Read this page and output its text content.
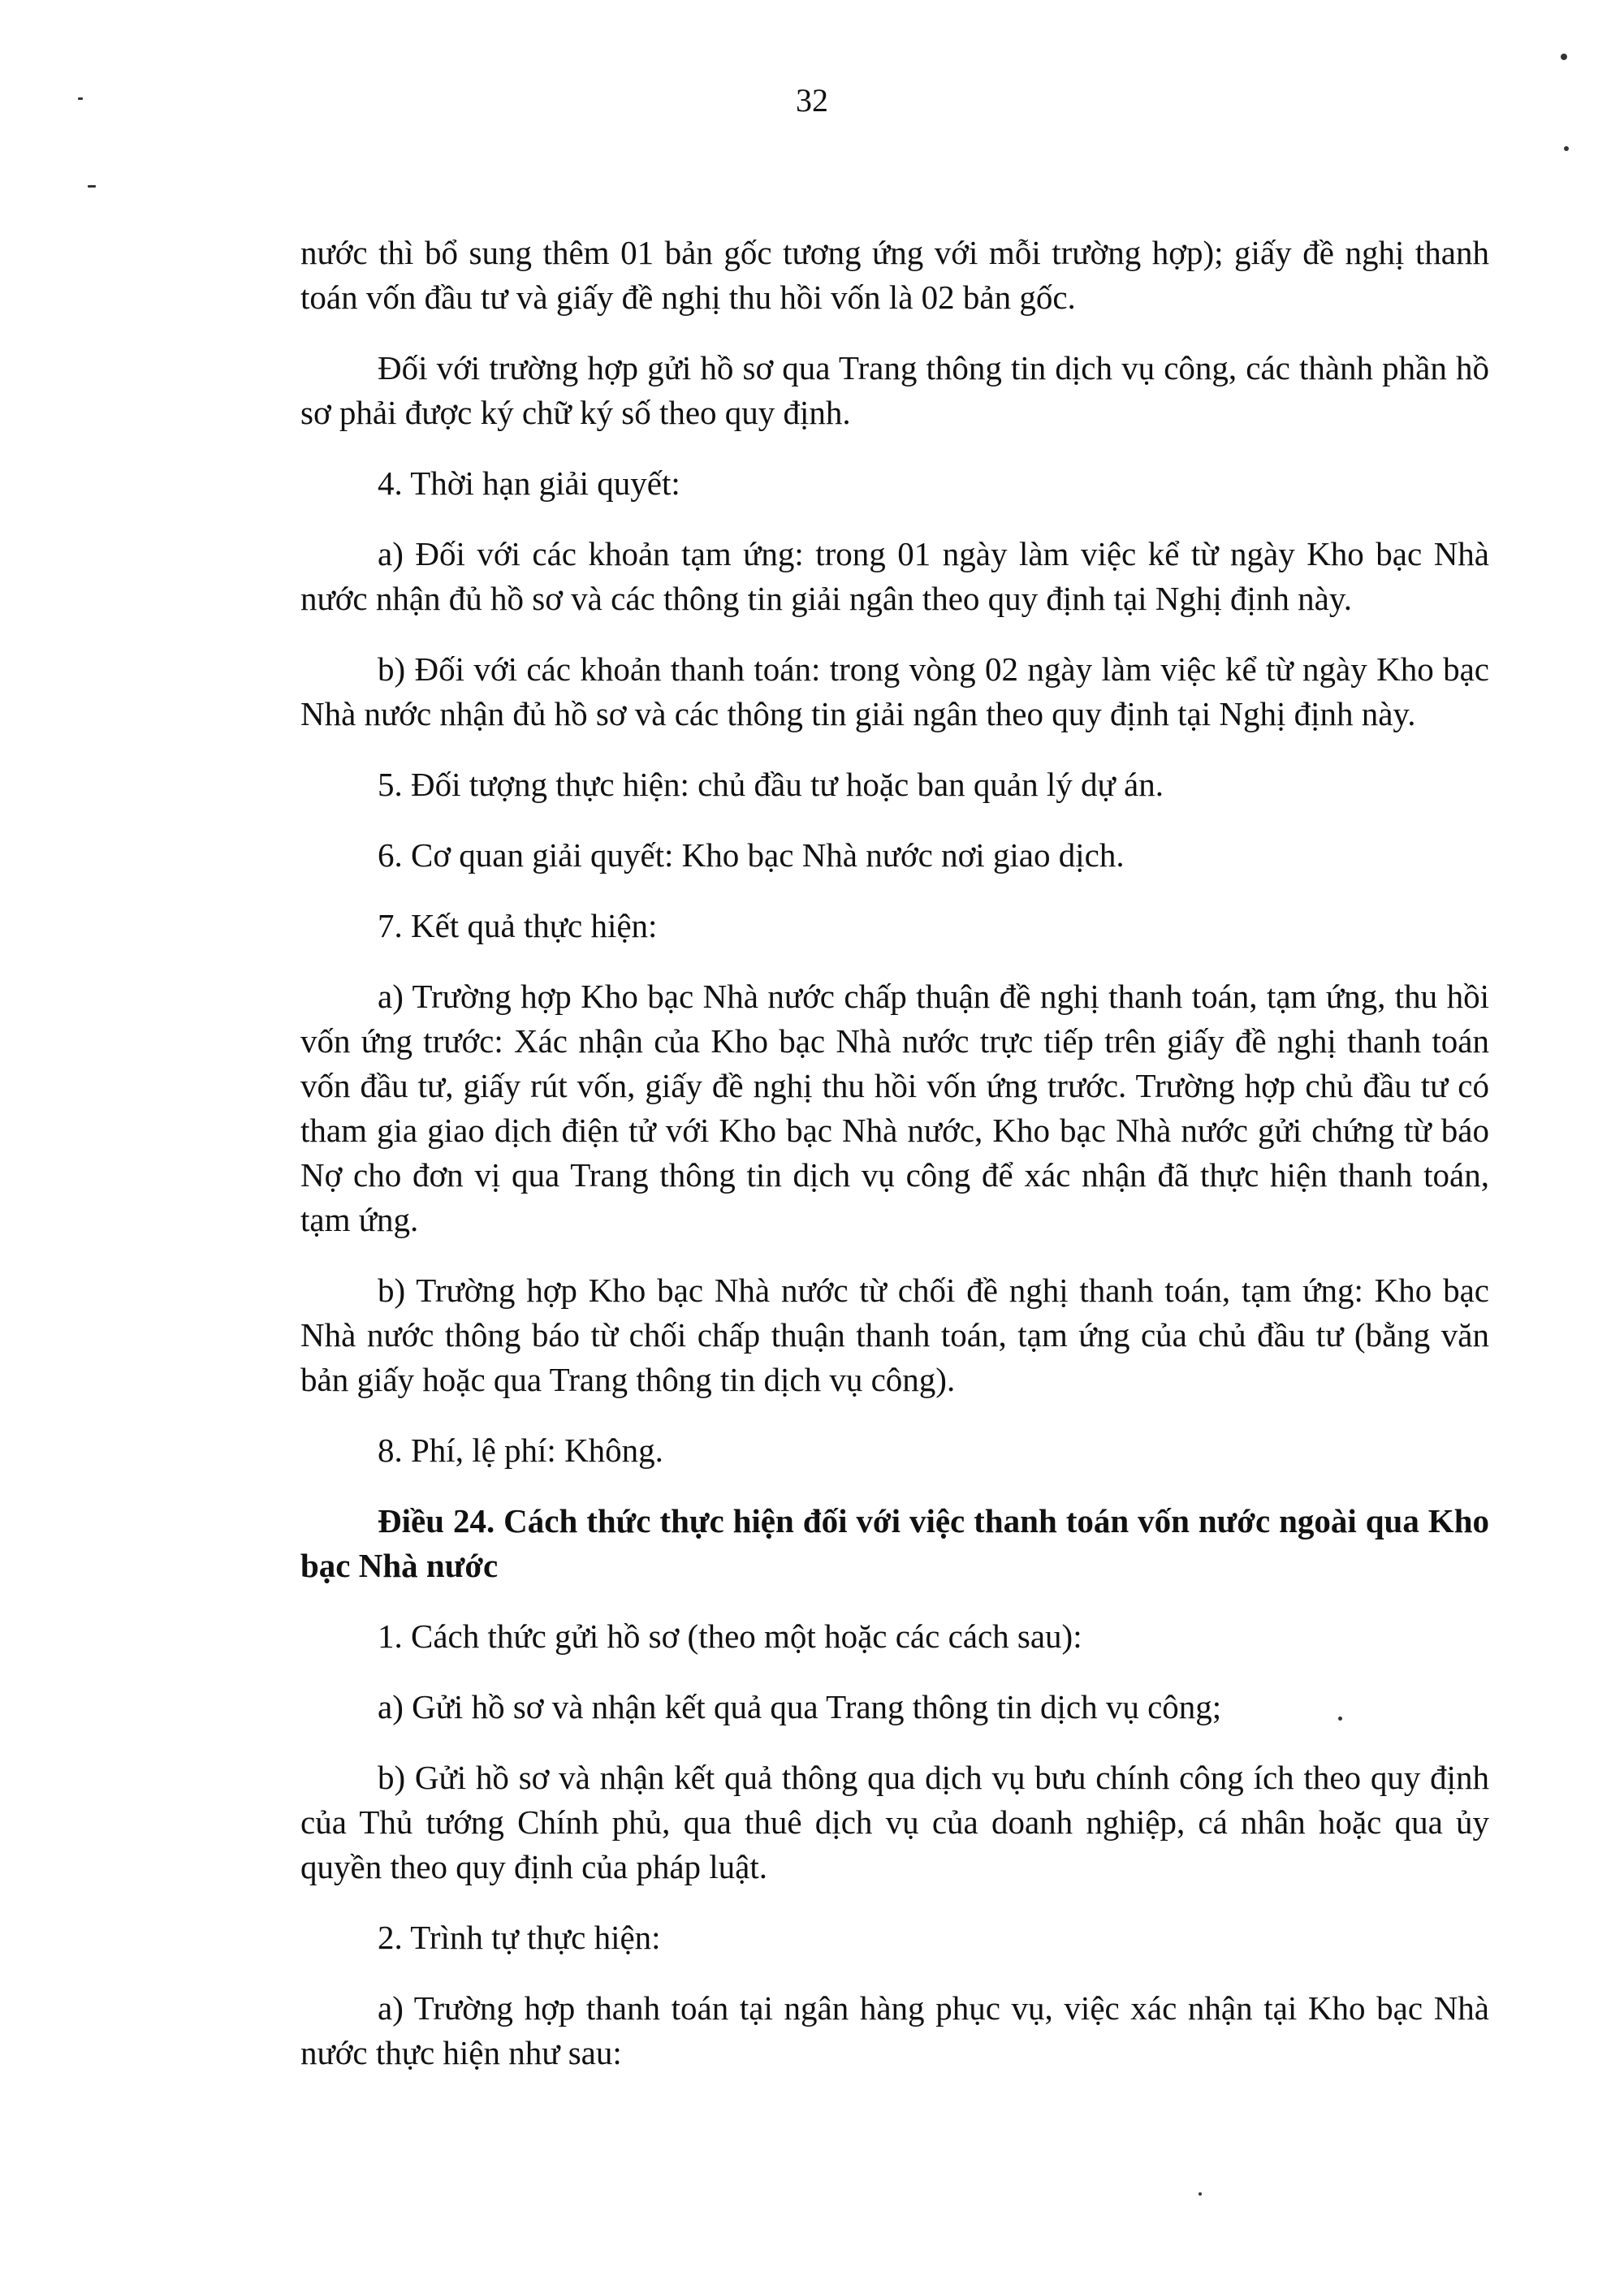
32

nước thì bổ sung thêm 01 bản gốc tương ứng với mỗi trường hợp); giấy đề nghị thanh toán vốn đầu tư và giấy đề nghị thu hồi vốn là 02 bản gốc.

Đối với trường hợp gửi hồ sơ qua Trang thông tin dịch vụ công, các thành phần hồ sơ phải được ký chữ ký số theo quy định.

4. Thời hạn giải quyết:

a) Đối với các khoản tạm ứng: trong 01 ngày làm việc kể từ ngày Kho bạc Nhà nước nhận đủ hồ sơ và các thông tin giải ngân theo quy định tại Nghị định này.

b) Đối với các khoản thanh toán: trong vòng 02 ngày làm việc kể từ ngày Kho bạc Nhà nước nhận đủ hồ sơ và các thông tin giải ngân theo quy định tại Nghị định này.

5. Đối tượng thực hiện: chủ đầu tư hoặc ban quản lý dự án.

6. Cơ quan giải quyết: Kho bạc Nhà nước nơi giao dịch.

7. Kết quả thực hiện:

a) Trường hợp Kho bạc Nhà nước chấp thuận đề nghị thanh toán, tạm ứng, thu hồi vốn ứng trước: Xác nhận của Kho bạc Nhà nước trực tiếp trên giấy đề nghị thanh toán vốn đầu tư, giấy rút vốn, giấy đề nghị thu hồi vốn ứng trước. Trường hợp chủ đầu tư có tham gia giao dịch điện tử với Kho bạc Nhà nước, Kho bạc Nhà nước gửi chứng từ báo Nợ cho đơn vị qua Trang thông tin dịch vụ công để xác nhận đã thực hiện thanh toán, tạm ứng.

b) Trường hợp Kho bạc Nhà nước từ chối đề nghị thanh toán, tạm ứng: Kho bạc Nhà nước thông báo từ chối chấp thuận thanh toán, tạm ứng của chủ đầu tư (bằng văn bản giấy hoặc qua Trang thông tin dịch vụ công).

8. Phí, lệ phí: Không.

Điều 24. Cách thức thực hiện đối với việc thanh toán vốn nước ngoài qua Kho bạc Nhà nước

1. Cách thức gửi hồ sơ (theo một hoặc các cách sau):

a) Gửi hồ sơ và nhận kết quả qua Trang thông tin dịch vụ công;

b) Gửi hồ sơ và nhận kết quả thông qua dịch vụ bưu chính công ích theo quy định của Thủ tướng Chính phủ, qua thuê dịch vụ của doanh nghiệp, cá nhân hoặc qua ủy quyền theo quy định của pháp luật.

2. Trình tự thực hiện:

a) Trường hợp thanh toán tại ngân hàng phục vụ, việc xác nhận tại Kho bạc Nhà nước thực hiện như sau:
